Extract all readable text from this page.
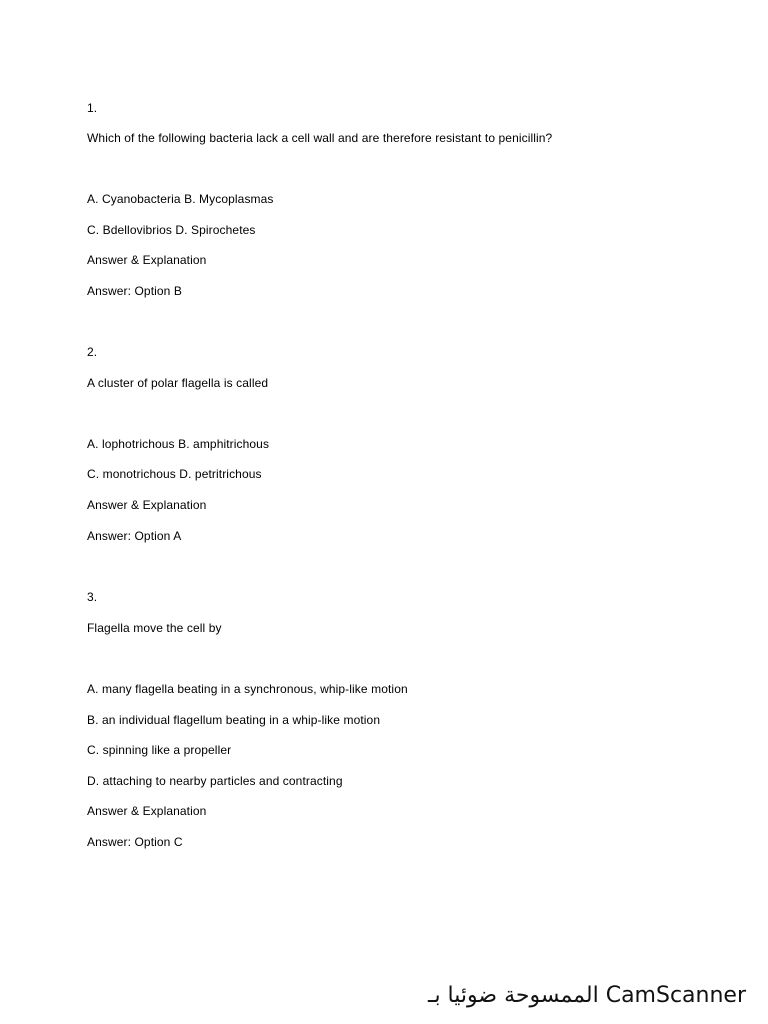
1.
Which of the following bacteria lack a cell wall and are therefore resistant to penicillin?
A. Cyanobacteria B. Mycoplasmas
C. Bdellovibrios D. Spirochetes
Answer & Explanation
Answer: Option B
2.
A cluster of polar flagella is called
A. lophotrichous B. amphitrichous
C. monotrichous D. petritrichous
Answer & Explanation
Answer: Option A
3.
Flagella move the cell by
A. many flagella beating in a synchronous, whip-like motion
B. an individual flagellum beating in a whip-like motion
C. spinning like a propeller
D. attaching to nearby particles and contracting
Answer & Explanation
Answer: Option C
CamScanner الممسوحة ضوئيا بـ
